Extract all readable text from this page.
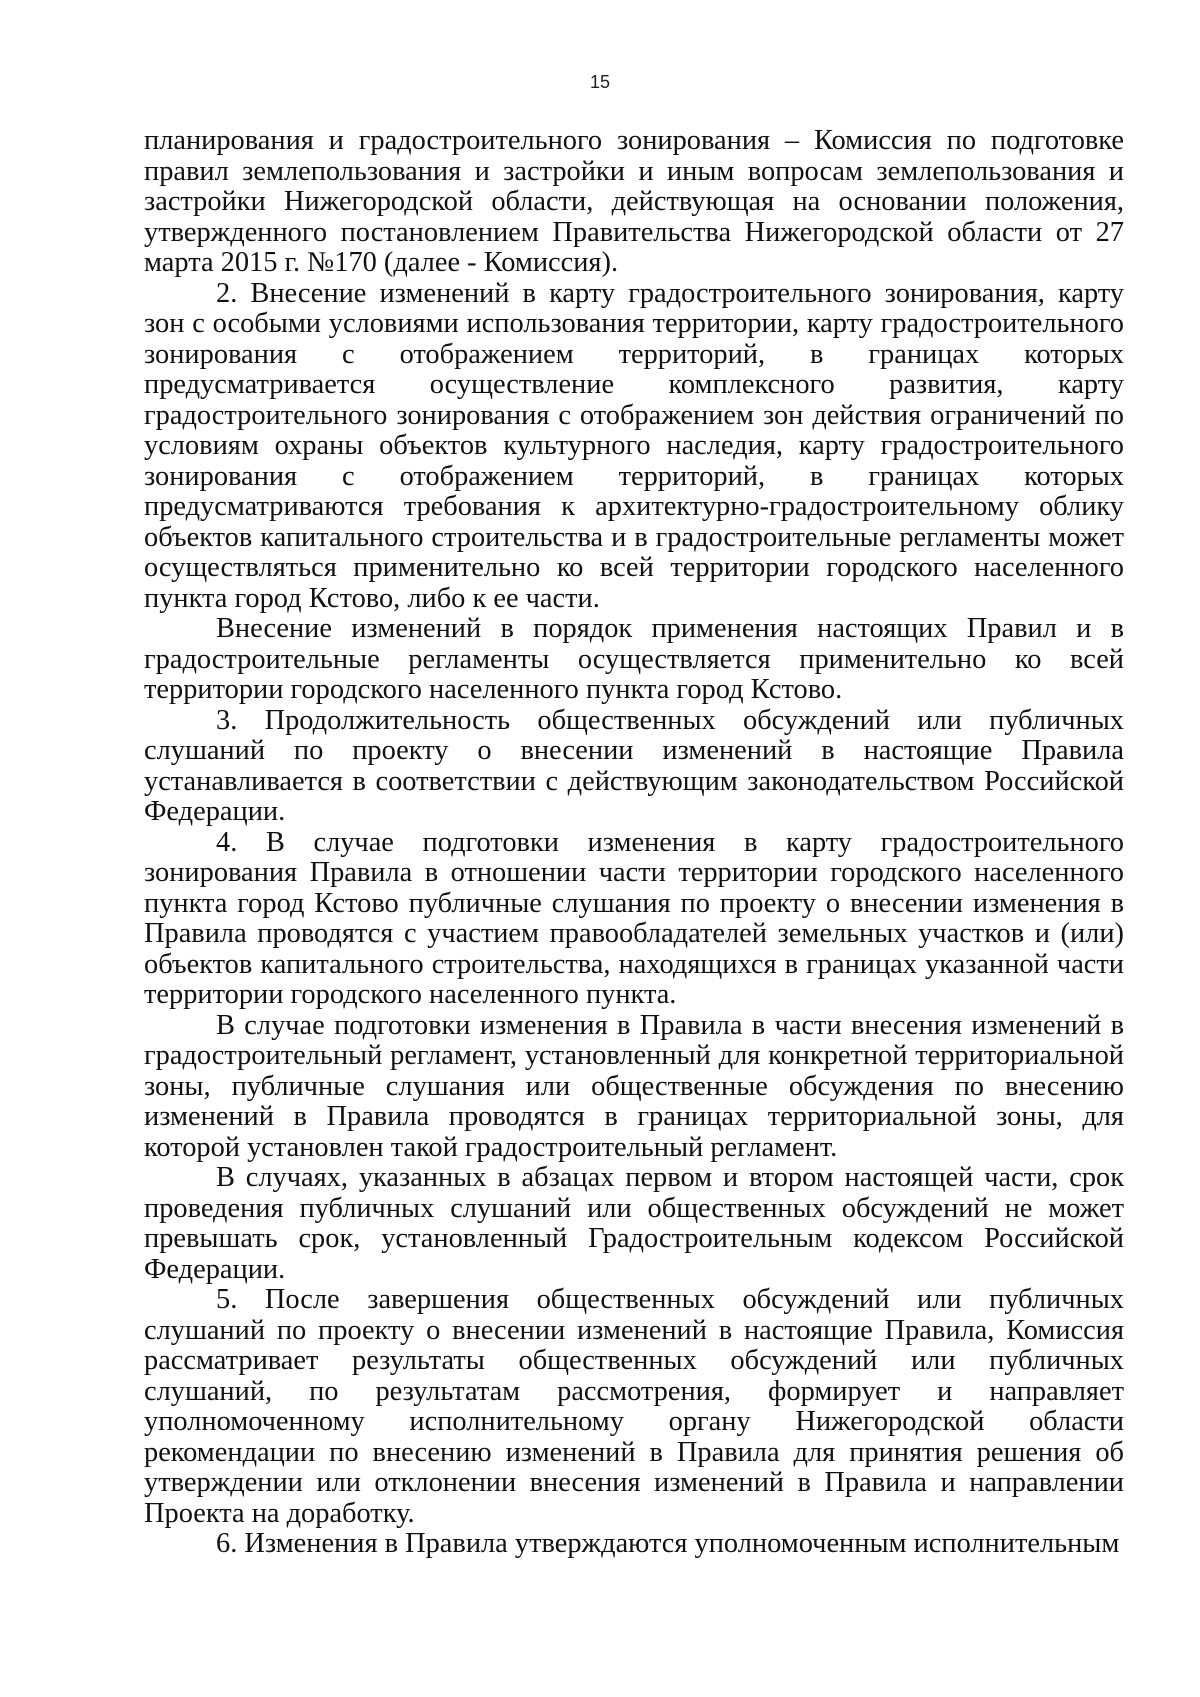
15

планирования и градостроительного зонирования – Комиссия по подготовке правил землепользования и застройки и иным вопросам землепользования и застройки Нижегородской области, действующая на основании положения, утвержденного постановлением Правительства Нижегородской области от 27 марта 2015 г. №170 (далее - Комиссия).

2. Внесение изменений в карту градостроительного зонирования, карту зон с особыми условиями использования территории, карту градостроительного зонирования с отображением территорий, в границах которых предусматривается осуществление комплексного развития, карту градостроительного зонирования с отображением зон действия ограничений по условиям охраны объектов культурного наследия, карту градостроительного зонирования с отображением территорий, в границах которых предусматриваются требования к архитектурно-градостроительному облику объектов капитального строительства и в градостроительные регламенты может осуществляться применительно ко всей территории городского населенного пункта город Кстово, либо к ее части.

Внесение изменений в порядок применения настоящих Правил и в градостроительные регламенты осуществляется применительно ко всей территории городского населенного пункта город Кстово.

3. Продолжительность общественных обсуждений или публичных слушаний по проекту о внесении изменений в настоящие Правила устанавливается в соответствии с действующим законодательством Российской Федерации.

4. В случае подготовки изменения в карту градостроительного зонирования Правила в отношении части территории городского населенного пункта город Кстово публичные слушания по проекту о внесении изменения в Правила проводятся с участием правообладателей земельных участков и (или) объектов капитального строительства, находящихся в границах указанной части территории городского населенного пункта.

В случае подготовки изменения в Правила в части внесения изменений в градостроительный регламент, установленный для конкретной территориальной зоны, публичные слушания или общественные обсуждения по внесению изменений в Правила проводятся в границах территориальной зоны, для которой установлен такой градостроительный регламент.

В случаях, указанных в абзацах первом и втором настоящей части, срок проведения публичных слушаний или общественных обсуждений не может превышать срок, установленный Градостроительным кодексом Российской Федерации.

5. После завершения общественных обсуждений или публичных слушаний по проекту о внесении изменений в настоящие Правила, Комиссия рассматривает результаты общественных обсуждений или публичных слушаний, по результатам рассмотрения, формирует и направляет уполномоченному исполнительному органу Нижегородской области рекомендации по внесению изменений в Правила для принятия решения об утверждении или отклонении внесения изменений в Правила и направлении Проекта на доработку.

6. Изменения в Правила утверждаются уполномоченным исполнительным
